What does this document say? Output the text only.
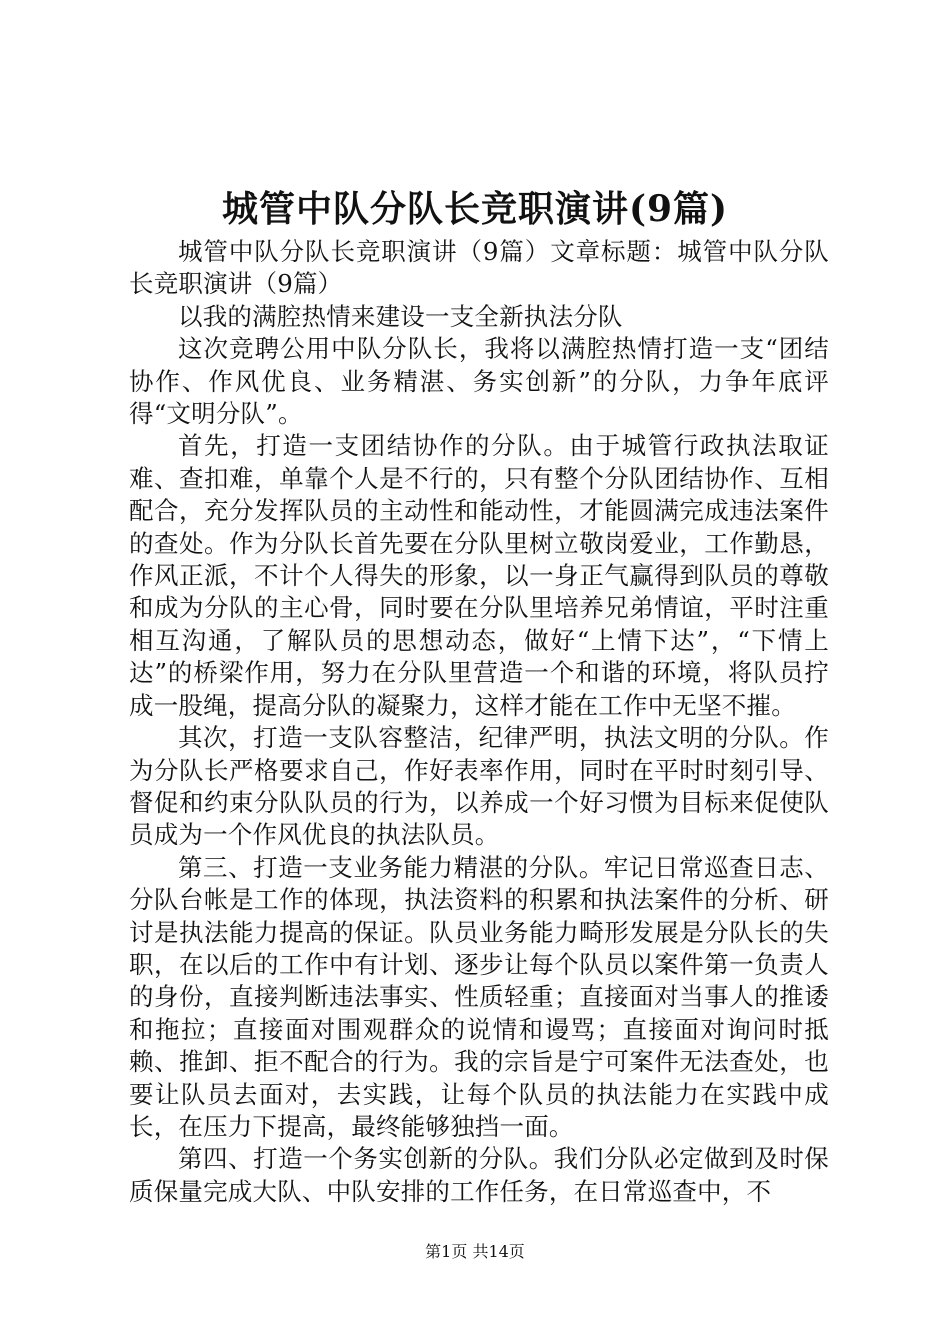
城管中队分队长竞职演讲(9篇)

城管中队分队长竞职演讲（9篇）文章标题：城管中队分队长竞职演讲（9篇）

以我的满腔热情来建设一支全新执法分队

这次竞聘公用中队分队长，我将以满腔热情打造一支“团结协作、作风优良、业务精湛、务实创新”的分队，力争年底评得“文明分队”。

首先，打造一支团结协作的分队。由于城管行政执法取证难、查扣难，单靠个人是不行的，只有整个分队团结协作、互相配合，充分发挥队员的主动性和能动性，才能圆满完成违法案件的查处。作为分队长首先要在分队里树立敬岗爱业，工作勤恳，作风正派，不计个人得失的形象，以一身正气赢得到队员的尊敬和成为分队的主心骨，同时要在分队里培养兄弟情谊，平时注重相互沟通，了解队员的思想动态，做好“上情下达”，“下情上达”的桥梁作用，努力在分队里营造一个和谐的环境，将队员拧成一股绳，提高分队的凝聚力，这样才能在工作中无坚不摧。

其次，打造一支队容整洁，纪律严明，执法文明的分队。作为分队长严格要求自己，作好表率作用，同时在平时时刻引导、督促和约束分队队员的行为，以养成一个好习惯为目标来促使队员成为一个作风优良的执法队员。

第三、打造一支业务能力精湛的分队。牢记日常巡查日志、分队台帐是工作的体现，执法资料的积累和执法案件的分析、研讨是执法能力提高的保证。队员业务能力畸形发展是分队长的失职，在以后的工作中有计划、逐步让每个队员以案件第一负责人的身份，直接判断违法事实、性质轻重；直接面对当事人的推诿和拖拉；直接面对围观群众的说情和谩骂；直接面对询问时抵赖、推卸、拒不配合的行为。我的宗旨是宁可案件无法查处，也要让队员去面对，去实践，让每个队员的执法能力在实践中成长，在压力下提高，最终能够独挡一面。

第四、打造一个务实创新的分队。我们分队必定做到及时保质保量完成大队、中队安排的工作任务，在日常巡查中，不

第1页 共14页
